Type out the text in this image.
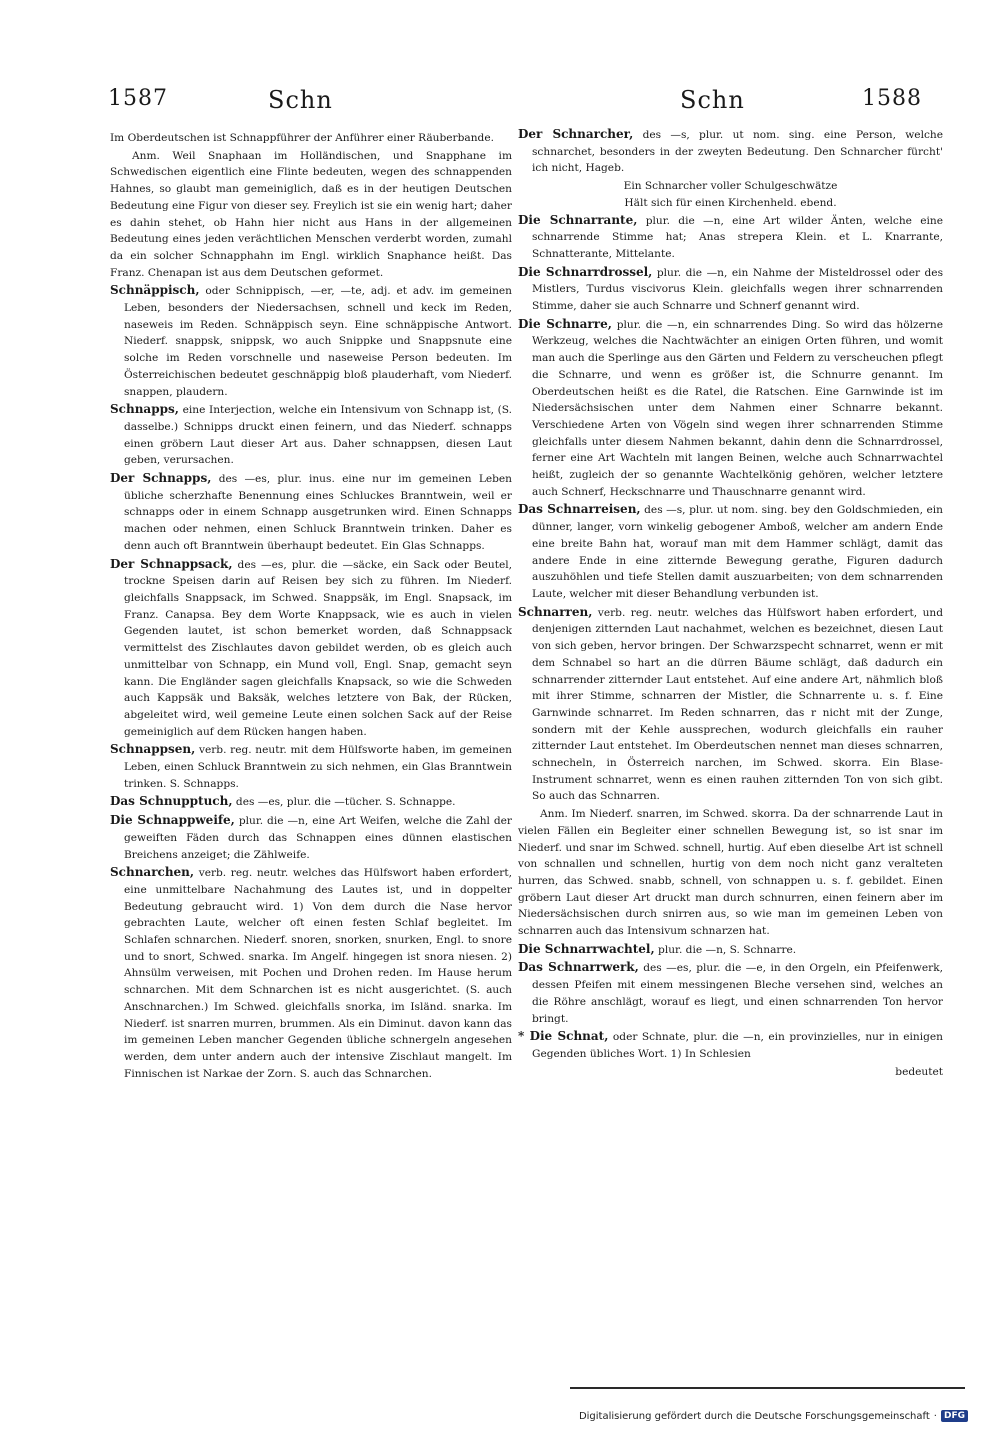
1587	Schn	Schn	1588

Im Oberdeutschen ist Schnappführer der Anführer einer Räuberbande.

Anm. Weil Snaphaan im Holländischen, und Snapphane im Schwedischen eigentlich eine Flinte bedeuten, wegen des schnappenden Hahnes, so glaubt man gemeiniglich, daß es in der heutigen Deutschen Bedeutung eine Figur von dieser sey. Freylich ist sie ein wenig hart; daher es dahin stehet, ob Hahn hier nicht aus Hans in der allgemeinen Bedeutung eines jeden verächtlichen Menschen verderbt worden, zumahl da ein solcher Schnapphahn im Engl. wirklich Snaphance heißt. Das Franz. Chenapan ist aus dem Deutschen geformet.

Schnäppisch, oder Schnippisch, —er, —te, adj. et adv. im gemeinen Leben, besonders der Niedersachsen, schnell und keck im Reden, naseweis im Reden. Schnäppisch seyn. Eine schnäppische Antwort. Niederf. snappsk, snippsk, wo auch Snippke und Snappsnute eine solche im Reden vorschnelle und naseweise Person bedeuten. Im Österreichischen bedeutet geschnäppig bloß plauderhaft, vom Niederf. snappen, plaudern.

Schnapps, eine Interjection, welche ein Intensivum von Schnapp ist, (S. dasselbe.) Schnipps druckt einen feinern, und das Niederf. schnapps einen gröbern Laut dieser Art aus. Daher schnappsen, diesen Laut geben, verursachen.

Der Schnapps, des —es, plur. inus. eine nur im gemeinen Leben übliche scherzhafte Benennung eines Schluckes Branntwein, weil er schnapps oder in einem Schnapp ausgetrunken wird. Einen Schnapps machen oder nehmen, einen Schluck Branntwein trinken. Daher es denn auch oft Branntwein überhaupt bedeutet. Ein Glas Schnapps.

Der Schnappsack, des —es, plur. die —säcke, ein Sack oder Beutel, trockne Speisen darin auf Reisen bey sich zu führen. Im Niederf. gleichfalls Snappsack, im Schwed. Snappsäk, im Engl. Snapsack, im Franz. Canapsa. Bey dem Worte Knappsack, wie es auch in vielen Gegenden lautet, ist schon bemerket worden, daß Schnappsack vermittelst des Zischlautes davon gebildet werden, ob es gleich auch unmittelbar von Schnapp, ein Mund voll, Engl. Snap, gemacht seyn kann. Die Engländer sagen gleichfalls Knapsack, so wie die Schweden auch Kappsäk und Baksäk, welches letztere von Bak, der Rücken, abgeleitet wird, weil gemeine Leute einen solchen Sack auf der Reise gemeiniglich auf dem Rücken hangen haben.

Schnappsen, verb. reg. neutr. mit dem Hülfsworte haben, im gemeinen Leben, einen Schluck Branntwein zu sich nehmen, ein Glas Branntwein trinken. S. Schnapps.

Das Schnupptuch, des —es, plur. die —tücher. S. Schnappe.

Die Schnappweife, plur. die —n, eine Art Weifen, welche die Zahl der geweiften Fäden durch das Schnappen eines dünnen elastischen Breichens anzeiget; die Zählweife.

Schnarchen, verb. reg. neutr. welches das Hülfswort haben erfordert, eine unmittelbare Nachahmung des Lautes ist, und in doppelter Bedeutung gebraucht wird. 1) Von dem durch die Nase hervor gebrachten Laute, welcher oft einen festen Schlaf begleitet. Im Schlafen schnarchen. Niederf. snoren, snorken, snurken, Engl. to snore und to snort, Schwed. snarka. Im Angelf. hingegen ist snora niesen. 2) Ahnsülm verweisen, mit Pochen und Drohen reden. Im Hause herum schnarchen. Mit dem Schnarchen ist es nicht ausgerichtet. (S. auch Anschnarchen.) Im Schwed. gleichfalls snorka, im Isländ. snarka. Im Niederf. ist snarren murren, brummen. Als ein Diminut. davon kann das im gemeinen Leben mancher Gegenden übliche schnergeln angesehen werden, dem unter andern auch der intensive Zischlaut mangelt. Im Finnischen ist Narkae der Zorn. S. auch das Schnarchen.

Der Schnarcher, des —s, plur. ut nom. sing. eine Person, welche schnarchet, besonders in der zweyten Bedeutung. Den Schnarcher fürcht' ich nicht, Hageb.

Ein Schnarcher voller Schulgeschwätze

Hält sich für einen Kirchenheld. ebend.

Die Schnarrante, plur. die —n, eine Art wilder Änten, welche eine schnarrende Stimme hat; Anas strepera Klein. et L. Knarrante, Schnatterante, Mittelante.

Die Schnarrdrossel, plur. die —n, ein Nahme der Misteldrossel oder des Mistlers, Turdus viscivorus Klein. gleichfalls wegen ihrer schnarrenden Stimme, daher sie auch Schnarre und Schnerf genannt wird.

Die Schnarre, plur. die —n, ein schnarrendes Ding. So wird das hölzerne Werkzeug, welches die Nachtwächter an einigen Orten führen, und womit man auch die Sperlinge aus den Gärten und Feldern zu verscheuchen pflegt die Schnarre, und wenn es größer ist, die Schnurre genannt. Im Oberdeutschen heißt es die Ratel, die Ratschen. Eine Garnwinde ist im Niedersächsischen unter dem Nahmen einer Schnarre bekannt. Verschiedene Arten von Vögeln sind wegen ihrer schnarrenden Stimme gleichfalls unter diesem Nahmen bekannt, dahin denn die Schnarrdrossel, ferner eine Art Wachteln mit langen Beinen, welche auch Schnarrwachtel heißt, zugleich der so genannte Wachtelkönig gehören, welcher letztere auch Schnerf, Heckschnarre und Thauschnarre genannt wird.

Das Schnarreisen, des —s, plur. ut nom. sing. bey den Goldschmieden, ein dünner, langer, vorn winkelig gebogener Amboß, welcher am andern Ende eine breite Bahn hat, worauf man mit dem Hammer schlägt, damit das andere Ende in eine zitternde Bewegung gerathe, Figuren dadurch auszuhöhlen und tiefe Stellen damit auszuarbeiten; von dem schnarrenden Laute, welcher mit dieser Behandlung verbunden ist.

Schnarren, verb. reg. neutr. welches das Hülfswort haben erfordert, und denjenigen zitternden Laut nachahmet, welchen es bezeichnet, diesen Laut von sich geben, hervor bringen. Der Schwarzspecht schnarret, wenn er mit dem Schnabel so hart an die dürren Bäume schlägt, daß dadurch ein schnarrender zitternder Laut entstehet. Auf eine andere Art, nähmlich bloß mit ihrer Stimme, schnarren der Mistler, die Schnarrente u. s. f. Eine Garnwinde schnarret. Im Reden schnarren, das r nicht mit der Zunge, sondern mit der Kehle aussprechen, wodurch gleichfalls ein rauher zitternder Laut entstehet. Im Oberdeutschen nennet man dieses schnarren, schnecheln, in Österreich narchen, im Schwed. skorra. Ein Blase-Instrument schnarret, wenn es einen rauhen zitternden Ton von sich gibt. So auch das Schnarren.

Anm. Im Niederf. snarren, im Schwed. skorra. Da der schnarrende Laut in vielen Fällen ein Begleiter einer schnellen Bewegung ist, so ist snar im Niederf. und snar im Schwed. schnell, hurtig. Auf eben dieselbe Art ist schnell von schnallen und schnellen, hurtig von dem noch nicht ganz veralteten hurren, das Schwed. snabb, schnell, von schnappen u. s. f. gebildet. Einen gröbern Laut dieser Art druckt man durch schnurren, einen feinern aber im Niedersächsischen durch snirren aus, so wie man im gemeinen Leben von schnarren auch das Intensivum schnarzen hat.

Die Schnarrwachtel, plur. die —n, S. Schnarre.

Das Schnarrwerk, des —es, plur. die —e, in den Orgeln, ein Pfeifenwerk, dessen Pfeifen mit einem messingenen Bleche versehen sind, welches an die Röhre anschlägt, worauf es liegt, und einen schnarrenden Ton hervor bringt.

* Die Schnat, oder Schnate, plur. die —n, ein provinzielles, nur in einigen Gegenden übliches Wort. 1) In Schlesien

bedeutet

Digitalisierung gefördert durch die Deutsche Forschungsgemeinschaft · DFG
